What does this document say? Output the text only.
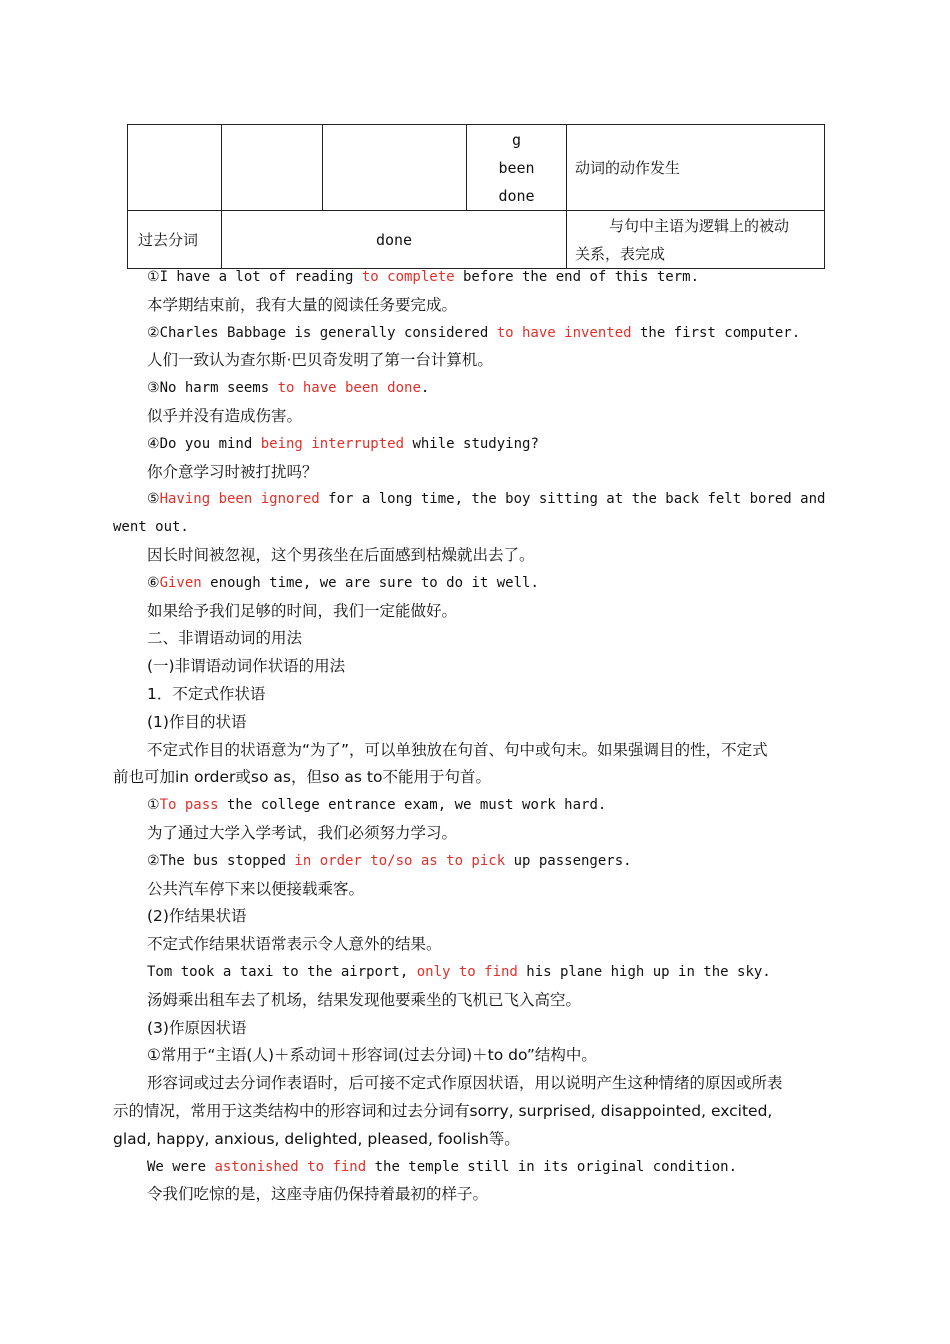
			g
been
done	动词的动作发生
过去分词	done			与句中主语为逻辑上的被动
关系，表完成
①I have a lot of reading to complete before the end of this term.
本学期结束前，我有大量的阅读任务要完成。
②Charles Babbage is generally considered to have invented the first computer.
人们一致认为查尔斯·巴贝奇发明了第一台计算机。
③No harm seems to have been done.
似乎并没有造成伤害。
④Do you mind being interrupted while studying?
你介意学习时被打扰吗？
⑤Having been ignored for a long time, the boy sitting at the back felt bored and
went out.
因长时间被忽视，这个男孩坐在后面感到枯燥就出去了。
⑥Given enough time, we are sure to do it well.
如果给予我们足够的时间，我们一定能做好。
二、非谓语动词的用法
(一)非谓语动词作状语的用法
1．不定式作状语
(1)作目的状语
不定式作目的状语意为“为了”，可以单独放在句首、句中或句末。如果强调目的性，不定式
前也可加in order或so as，但so as to不能用于句首。
①To pass the college entrance exam, we must work hard.
为了通过大学入学考试，我们必须努力学习。
②The bus stopped in order to/so as to pick up passengers.
公共汽车停下来以便接载乘客。
(2)作结果状语
不定式作结果状语常表示令人意外的结果。
Tom took a taxi to the airport, only to find his plane high up in the sky.
汤姆乘出租车去了机场，结果发现他要乘坐的飞机已飞入高空。
(3)作原因状语
①常用于“主语(人)＋系动词＋形容词(过去分词)＋to do”结构中。
形容词或过去分词作表语时，后可接不定式作原因状语，用以说明产生这种情绪的原因或所表
示的情况，常用于这类结构中的形容词和过去分词有sorry, surprised, disappointed, excited,
glad, happy, anxious, delighted, pleased, foolish等。
We were astonished to find the temple still in its original condition.
令我们吃惊的是，这座寺庙仍保持着最初的样子。
